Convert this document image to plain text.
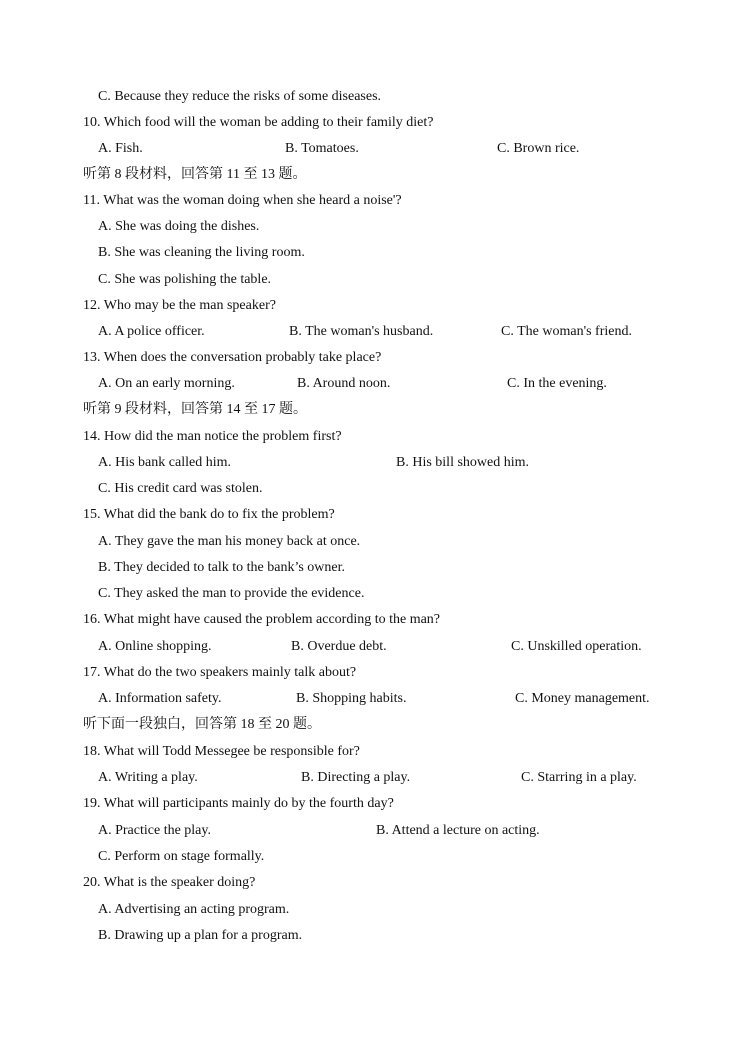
C. Because they reduce the risks of some diseases.
10. Which food will the woman be adding to their family diet?
A. Fish.	B. Tomatoes.	C. Brown rice.
听第 8 段材料，回答第 11 至 13 题。
11. What was the woman doing when she heard a noise'?
A. She was doing the dishes.
B. She was cleaning the living room.
C. She was polishing the table.
12. Who may be the man speaker?
A. A police officer.	B. The woman's husband.	C. The woman's friend.
13. When does the conversation probably take place?
A. On an early morning.	B. Around noon.	C. In the evening.
听第 9 段材料，回答第 14 至 17 题。
14. How did the man notice the problem first?
A. His bank called him.	B. His bill showed him.
C. His credit card was stolen.
15. What did the bank do to fix the problem?
A. They gave the man his money back at once.
B. They decided to talk to the bank’s owner.
C. They asked the man to provide the evidence.
16. What might have caused the problem according to the man?
A. Online shopping.	B. Overdue debt.	C. Unskilled operation.
17. What do the two speakers mainly talk about?
A. Information safety.	B. Shopping habits.	C. Money management.
听下面一段独白，回答第 18 至 20 题。
18. What will Todd Messegee be responsible for?
A. Writing a play.	B. Directing a play.	C. Starring in a play.
19. What will participants mainly do by the fourth day?
A. Practice the play.	B. Attend a lecture on acting.
C. Perform on stage formally.
20. What is the speaker doing?
A. Advertising an acting program.
B. Drawing up a plan for a program.
